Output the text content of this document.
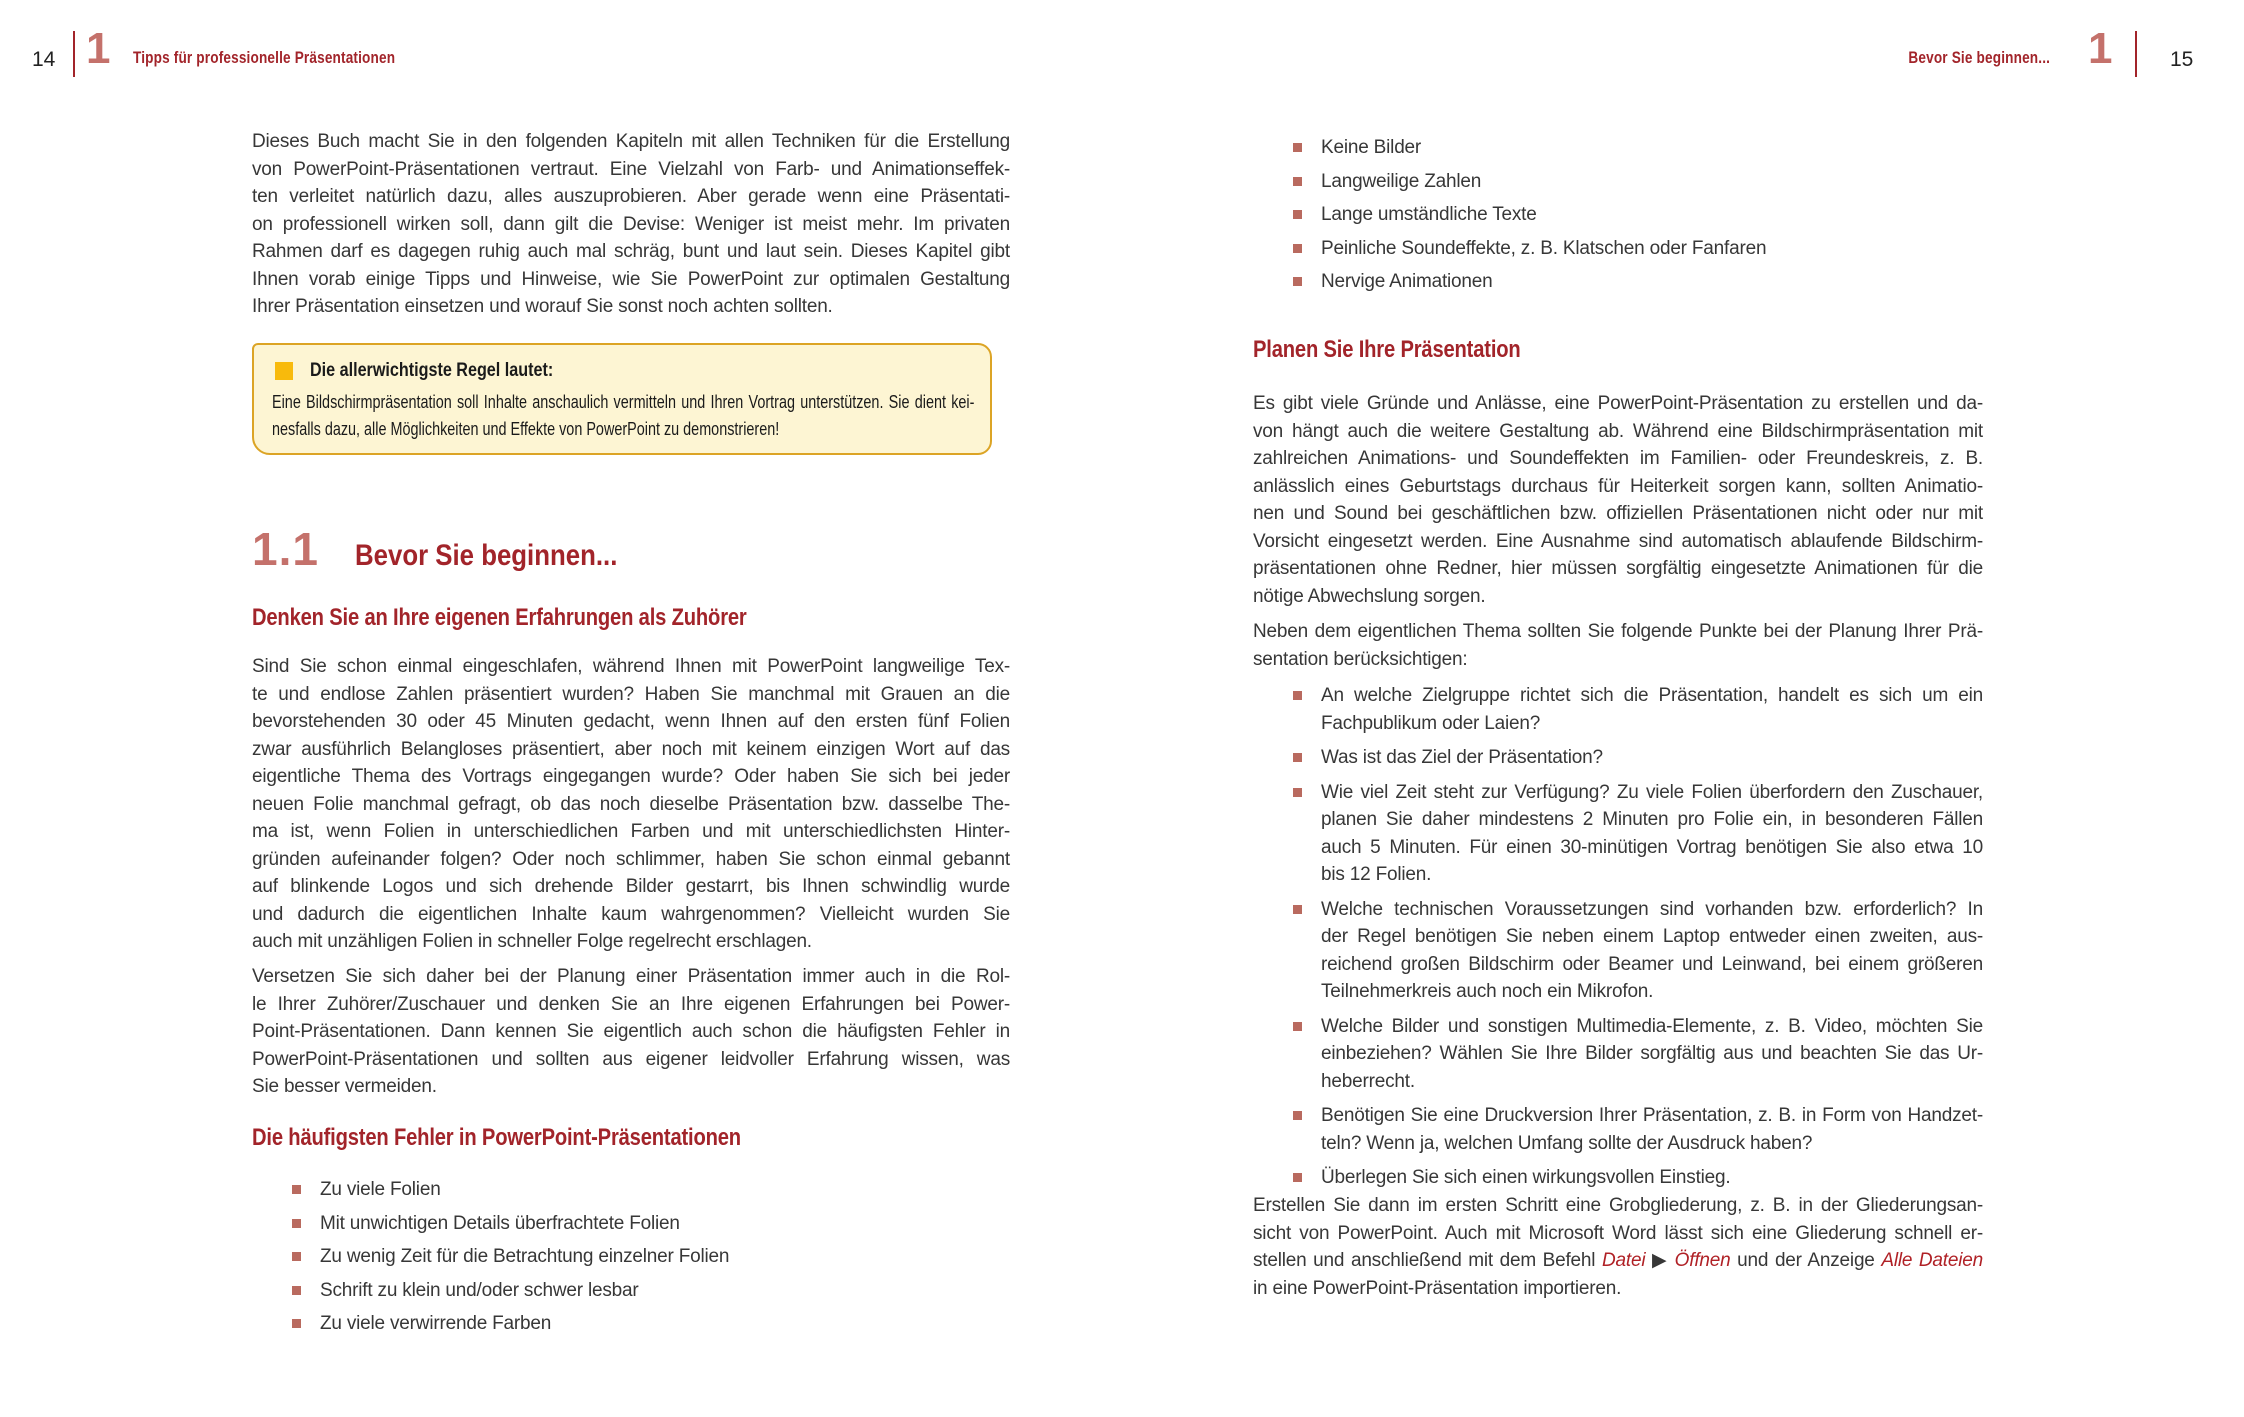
14 1 Tipps für professionelle Präsentationen	Bevor Sie beginnen... 1	15
Dieses Buch macht Sie in den folgenden Kapiteln mit allen Techniken für die Erstellung
von PowerPoint-Präsentationen vertraut. Eine Vielzahl von Farb- und Animationseffek-
ten verleitet natürlich dazu, alles auszuprobieren. Aber gerade wenn eine Präsentati-
on professionell wirken soll, dann gilt die Devise: Weniger ist meist mehr. Im privaten
Rahmen darf es dagegen ruhig auch mal schräg, bunt und laut sein. Dieses Kapitel gibt
Ihnen vorab einige Tipps und Hinweise, wie Sie PowerPoint zur optimalen Gestaltung
Ihrer Präsentation einsetzen und worauf Sie sonst noch achten sollten.
Die allerwichtigste Regel lautet:
Eine Bildschirmpräsentation soll Inhalte anschaulich vermitteln und Ihren Vortrag unterstützen. Sie dient kei-
nesfalls dazu, alle Möglichkeiten und Effekte von PowerPoint zu demonstrieren!
1.1 Bevor Sie beginnen...
Denken Sie an Ihre eigenen Erfahrungen als Zuhörer
Sind Sie schon einmal eingeschlafen, während Ihnen mit PowerPoint langweilige Tex-
te und endlose Zahlen präsentiert wurden? Haben Sie manchmal mit Grauen an die
bevorstehenden 30 oder 45 Minuten gedacht, wenn Ihnen auf den ersten fünf Folien
zwar ausführlich Belangloses präsentiert, aber noch mit keinem einzigen Wort auf das
eigentliche Thema des Vortrags eingegangen wurde? Oder haben Sie sich bei jeder
neuen Folie manchmal gefragt, ob das noch dieselbe Präsentation bzw. dasselbe The-
ma ist, wenn Folien in unterschiedlichen Farben und mit unterschiedlichsten Hinter-
gründen aufeinander folgen? Oder noch schlimmer, haben Sie schon einmal gebannt
auf blinkende Logos und sich drehende Bilder gestarrt, bis Ihnen schwindlig wurde
und dadurch die eigentlichen Inhalte kaum wahrgenommen? Vielleicht wurden Sie
auch mit unzähligen Folien in schneller Folge regelrecht erschlagen.
Versetzen Sie sich daher bei der Planung einer Präsentation immer auch in die Rol-
le Ihrer Zuhörer/Zuschauer und denken Sie an Ihre eigenen Erfahrungen bei Power-
Point-Präsentationen. Dann kennen Sie eigentlich auch schon die häufigsten Fehler in
PowerPoint-Präsentationen und sollten aus eigener leidvoller Erfahrung wissen, was
Sie besser vermeiden.
Die häufigsten Fehler in PowerPoint-Präsentationen
Zu viele Folien
Mit unwichtigen Details überfrachtete Folien
Zu wenig Zeit für die Betrachtung einzelner Folien
Schrift zu klein und/oder schwer lesbar
Zu viele verwirrende Farben
Keine Bilder
Langweilige Zahlen
Lange umständliche Texte
Peinliche Soundeffekte, z. B. Klatschen oder Fanfaren
Nervige Animationen
Planen Sie Ihre Präsentation
Es gibt viele Gründe und Anlässe, eine PowerPoint-Präsentation zu erstellen und da-
von hängt auch die weitere Gestaltung ab. Während eine Bildschirmpräsentation mit
zahlreichen Animations- und Soundeffekten im Familien- oder Freundeskreis, z. B.
anlässlich eines Geburtstags durchaus für Heiterkeit sorgen kann, sollten Animatio-
nen und Sound bei geschäftlichen bzw. offiziellen Präsentationen nicht oder nur mit
Vorsicht eingesetzt werden. Eine Ausnahme sind automatisch ablaufende Bildschirm-
präsentationen ohne Redner, hier müssen sorgfältig eingesetzte Animationen für die
nötige Abwechslung sorgen.
Neben dem eigentlichen Thema sollten Sie folgende Punkte bei der Planung Ihrer Prä-
sentation berücksichtigen:
An welche Zielgruppe richtet sich die Präsentation, handelt es sich um ein
Fachpublikum oder Laien?
Was ist das Ziel der Präsentation?
Wie viel Zeit steht zur Verfügung? Zu viele Folien überfordern den Zuschauer,
planen Sie daher mindestens 2 Minuten pro Folie ein, in besonderen Fällen
auch 5 Minuten. Für einen 30-minütigen Vortrag benötigen Sie also etwa 10
bis 12 Folien.
Welche technischen Voraussetzungen sind vorhanden bzw. erforderlich? In
der Regel benötigen Sie neben einem Laptop entweder einen zweiten, aus-
reichend großen Bildschirm oder Beamer und Leinwand, bei einem größeren
Teilnehmerkreis auch noch ein Mikrofon.
Welche Bilder und sonstigen Multimedia-Elemente, z. B. Video, möchten Sie
einbeziehen? Wählen Sie Ihre Bilder sorgfältig aus und beachten Sie das Ur-
heberrecht.
Benötigen Sie eine Druckversion Ihrer Präsentation, z. B. in Form von Handzet-
teln? Wenn ja, welchen Umfang sollte der Ausdruck haben?
Überlegen Sie sich einen wirkungsvollen Einstieg.
Erstellen Sie dann im ersten Schritt eine Grobgliederung, z. B. in der Gliederungsan-
sicht von PowerPoint. Auch mit Microsoft Word lässt sich eine Gliederung schnell er-
stellen und anschließend mit dem Befehl Datei ▶ Öffnen und der Anzeige Alle Dateien
in eine PowerPoint-Präsentation importieren.
